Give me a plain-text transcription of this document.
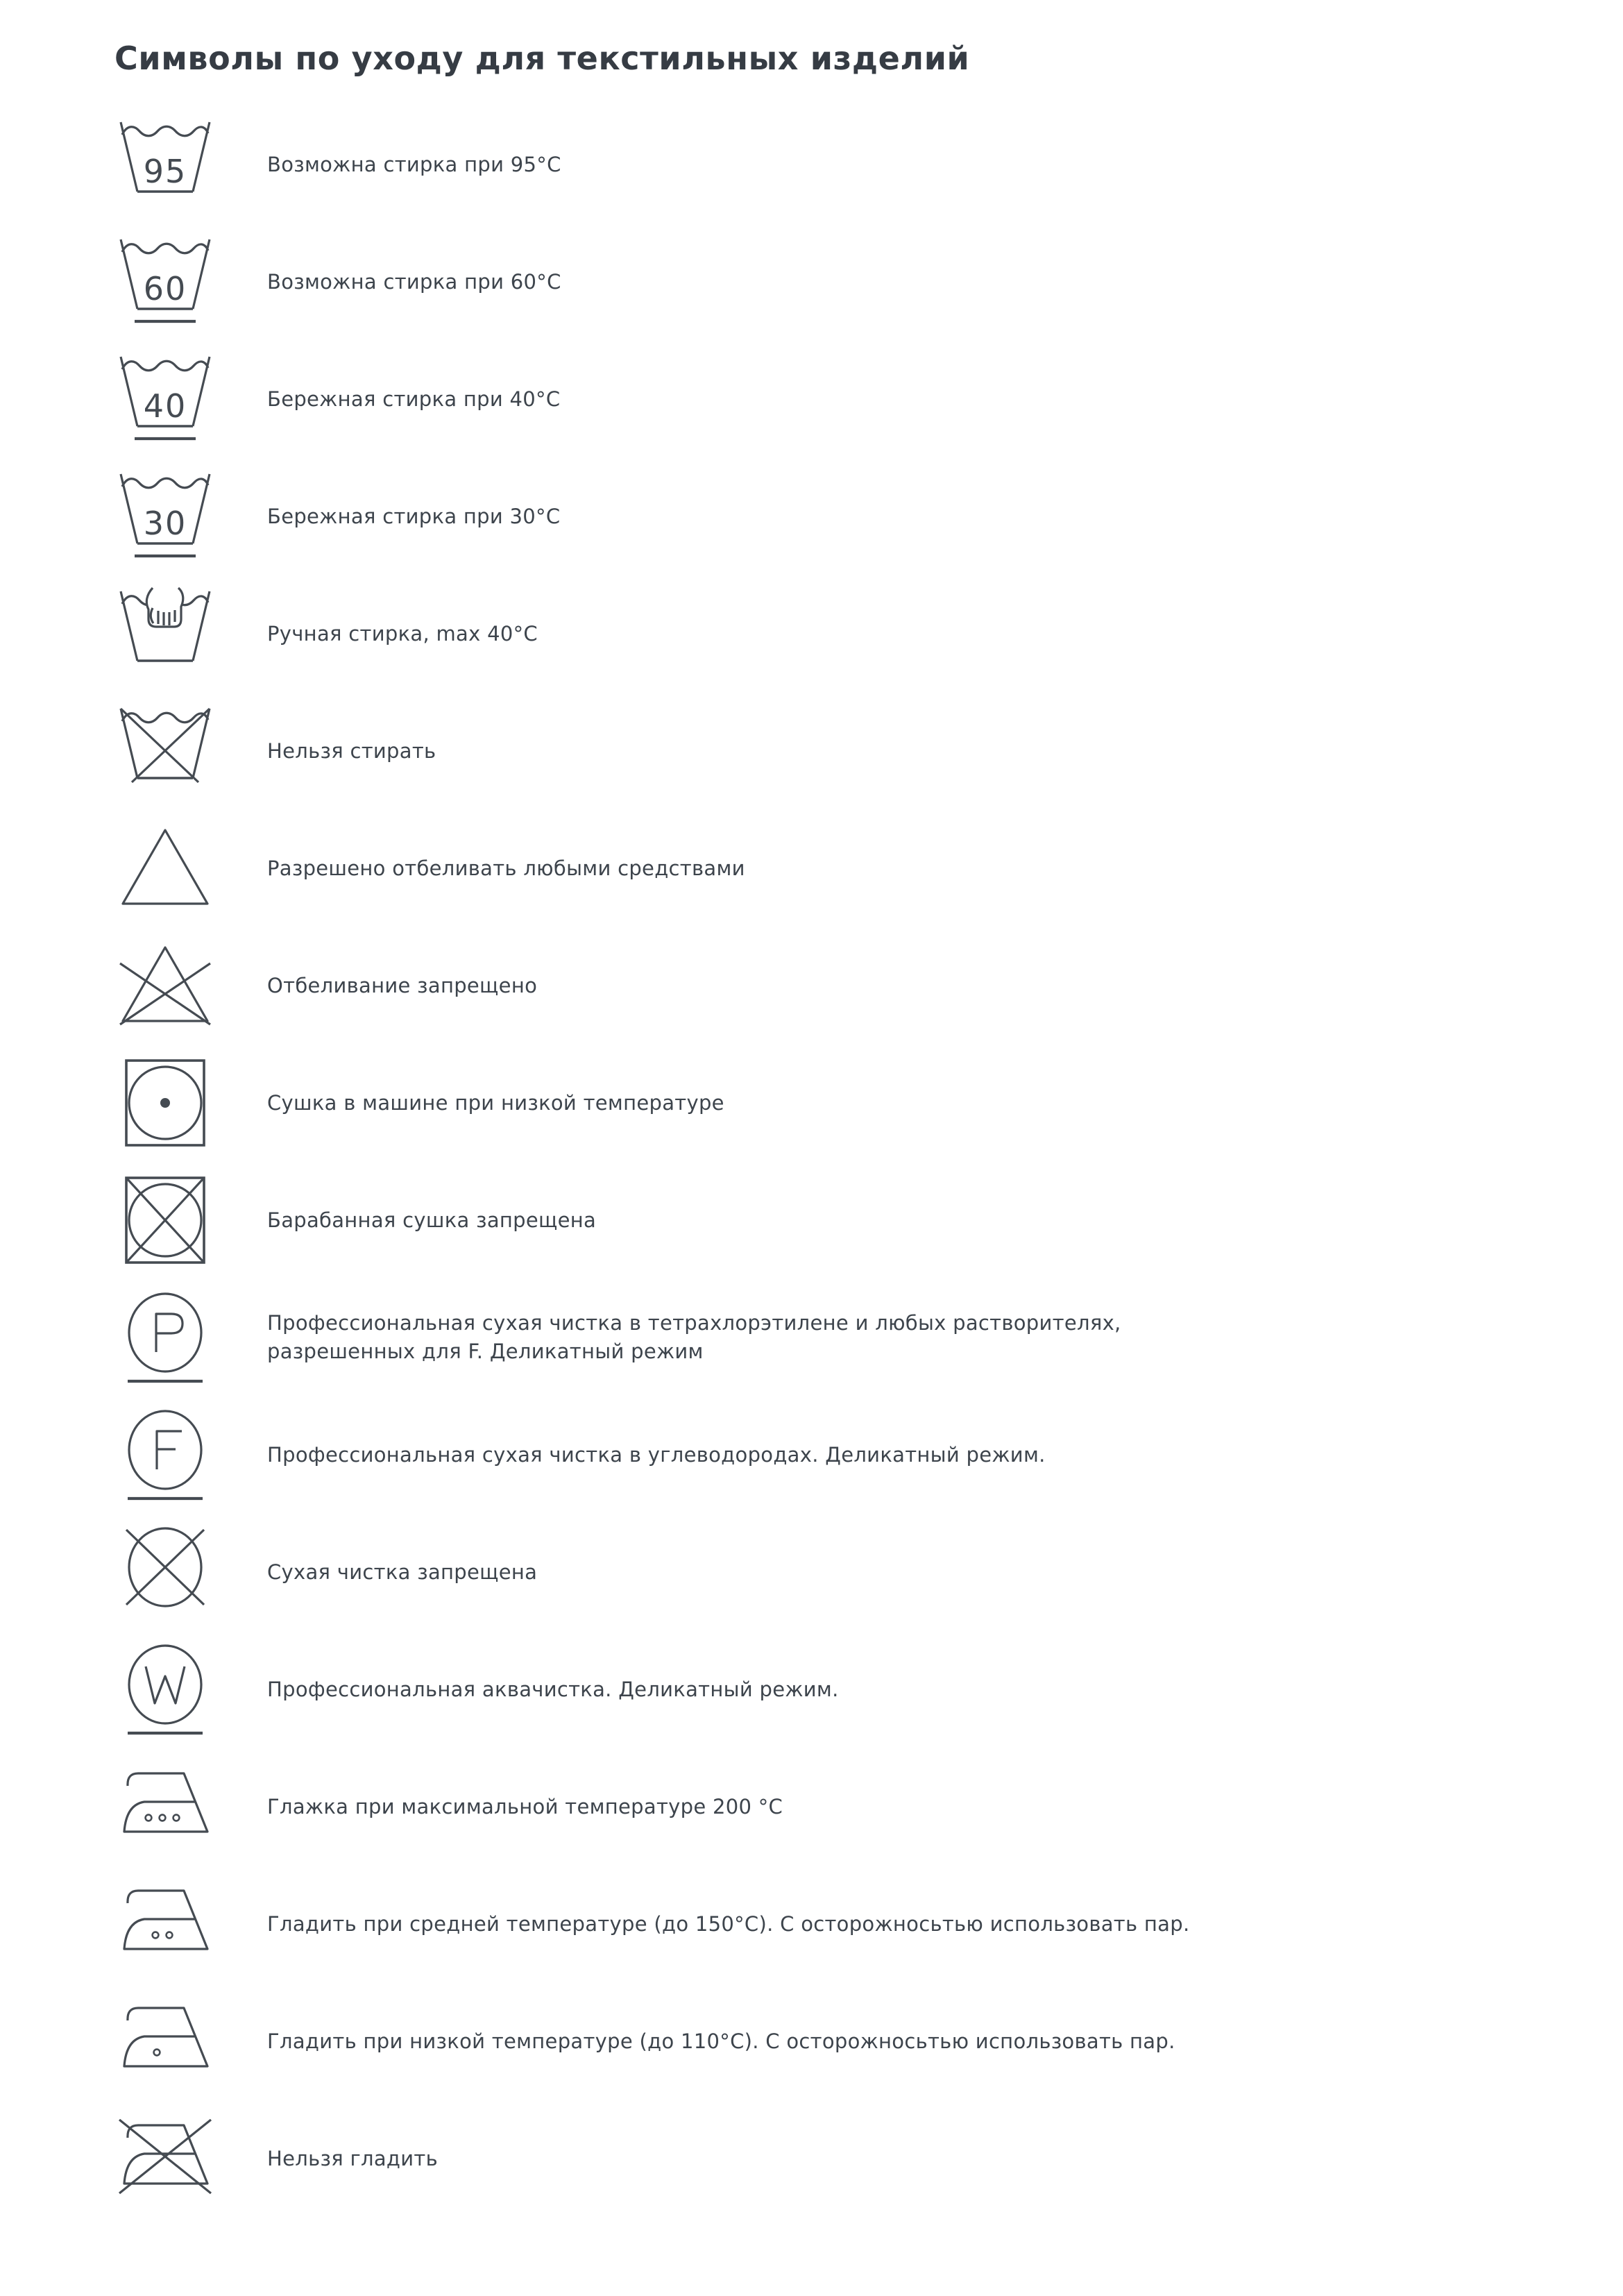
Символы по уходу для текстильных изделий
95	Возможна стирка при 95°C
60	Возможна стирка при 60°C
40	Бережная стирка при 40°C
30	Бережная стирка при 30°C
Ручная стирка, max 40°C
Нельзя стирать
Разрешено отбеливать любыми средствами
Отбеливание запрещено
Сушка в машине при низкой температуре
Барабанная сушка запрещена
Профессиональная сухая чистка в тетрахлорэтилене и любых растворителях,
разрешенных для F. Деликатный режим
Профессиональная сухая чистка в углеводородах. Деликатный режим.
Сухая чистка запрещена
Профессиональная аквачистка. Деликатный режим.
Глажка при максимальной температуре 200 °C
Гладить при средней температуре (до 150°C). С осторожносьтью использовать пар.
Гладить при низкой температуре (до 110°C). С осторожносьтью использовать пар.
Нельзя гладить
